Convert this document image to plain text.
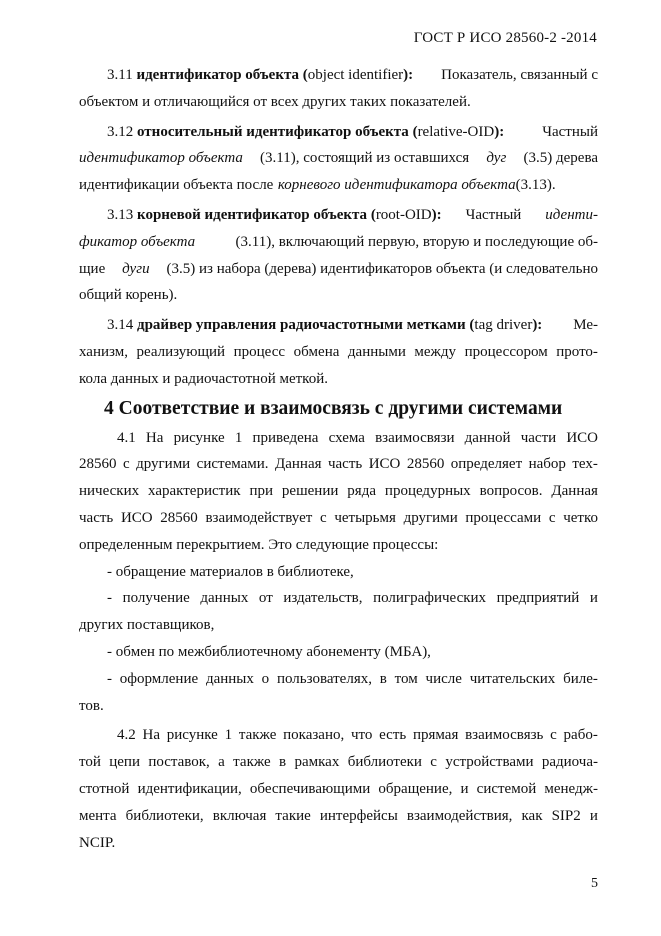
ГОСТ Р ИСО 28560-2 -2014
3.11 идентификатор объекта (object identifier): Показатель, связанный с
объектом и отличающийся от всех других таких показателей.
3.12 относительный идентификатор объекта (relative-OID):	Частный
идентификатор объекта (3.11), состоящий из оставшихся дуг (3.5) дерева
идентификации объекта после корневого идентификатора объекта (3.13).
3.13 корневой идентификатор объекта (root-OID): Частный иденти-
фикатор объекта	(3.11), включающий первую, вторую и последующие об-
щие дуги (3.5) из набора (дерева) идентификаторов объекта (и следовательно
общий корень).
3.14 драйвер управления радиочастотными метками (tag driver): Ме-
ханизм, реализующий процесс обмена данными между процессором прото-
кола данных и радиочастотной меткой.
4 Соответствие и взаимосвязь с другими системами
4.1 На рисунке 1 приведена схема взаимосвязи данной части ИСО
28560 с другими системами. Данная часть ИСО 28560 определяет набор тех-
нических характеристик при решении ряда процедурных вопросов. Данная
часть ИСО 28560 взаимодействует с четырьмя другими процессами с четко
определенным перекрытием. Это следующие процессы:
- обращение материалов в библиотеке,
- получение данных от издательств, полиграфических предприятий и
других поставщиков,
- обмен по межбиблиотечному абонементу (МБА),
- оформление данных о пользователях, в том числе читательских биле-
тов.
4.2 На рисунке 1 также показано, что есть прямая взаимосвязь с рабо-
той цепи поставок, а также в рамках библиотеки с устройствами радиоча-
стотной идентификации, обеспечивающими обращение, и системой менедж-
мента библиотеки, включая такие интерфейсы взаимодействия, как SIP2 и
NCIP.
5
